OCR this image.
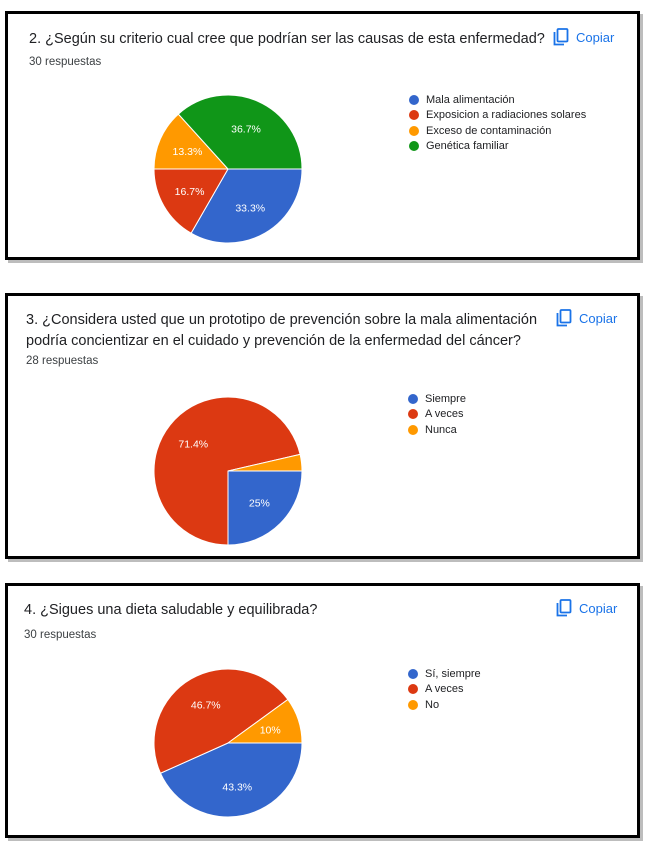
2. ¿Según su criterio cual cree que podrían ser las causas de esta enfermedad?
30 respuestas
Copiar
33.3%
16.7%
13.3%
36.7%
Mala alimentación
Exposicion a radiaciones solares
Exceso de contaminación
Genética familiar
3. ¿Considera usted que un prototipo de prevención sobre la mala alimentación
podría concientizar en el cuidado y prevención de la enfermedad del cáncer?
28 respuestas
Copiar
25%
71.4%
Siempre
A veces
Nunca
4. ¿Sigues una dieta saludable y equilibrada?
30 respuestas
Copiar
43.3%
46.7%
10%
Sí, siempre
A veces
No
